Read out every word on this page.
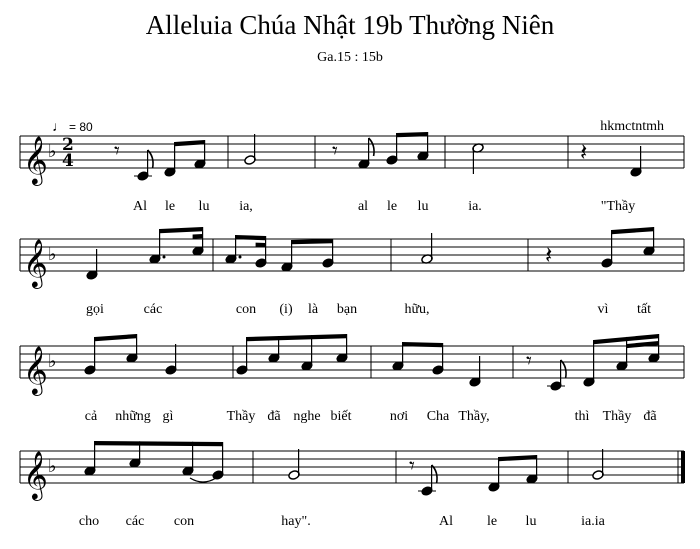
Alleluia Chúa Nhật 19b Thường Niên
Ga.15 : 15b
♩ = 80	hkmctntmh
𝄞 ♭ 2
4 𝄾	𝄾	𝄽
𝄞 ♭	𝄽
𝄞 ♭	𝄾
𝄞 ♭	𝄾
Al le lu ia,	al le lu	ia.	"Thầy
gọi	các	con (i) là bạn	hữu,	vì tất
cả những gì	Thầy đã nghe biết	nơi Cha Thầy,	thì Thầy đã
cho các con	hay".	Al le lu	ia.ia
